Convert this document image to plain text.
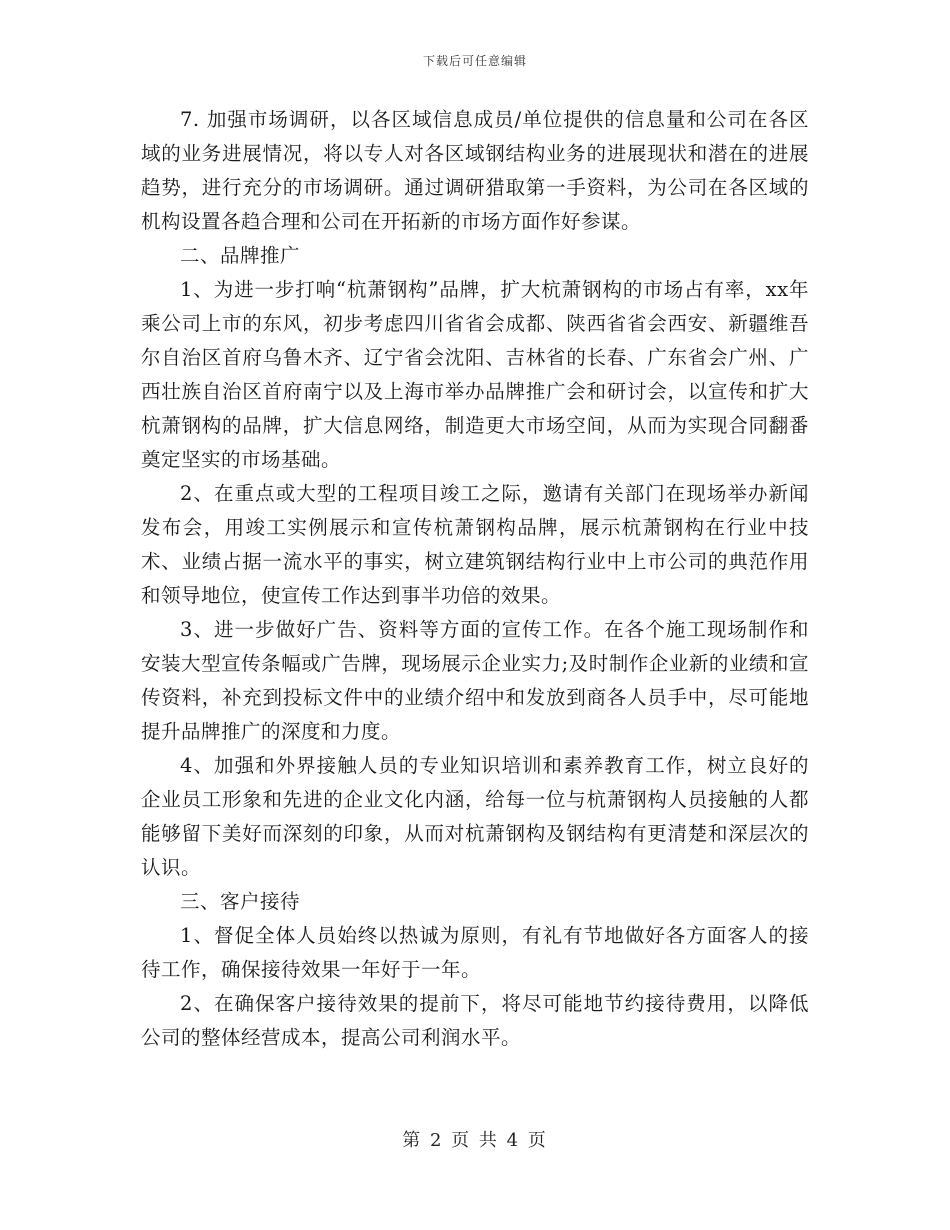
下载后可任意编辑

7. 加强市场调研，以各区域信息成员/单位提供的信息量和公司在各区域的业务进展情况，将以专人对各区域钢结构业务的进展现状和潜在的进展趋势，进行充分的市场调研。通过调研猎取第一手资料，为公司在各区域的机构设置各趋合理和公司在开拓新的市场方面作好参谋。

二、品牌推广

1、为进一步打响“杭萧钢构”品牌，扩大杭萧钢构的市场占有率，xx年乘公司上市的东风，初步考虑四川省省会成都、陕西省省会西安、新疆维吾尔自治区首府乌鲁木齐、辽宁省会沈阳、吉林省的长春、广东省会广州、广西壮族自治区首府南宁以及上海市举办品牌推广会和研讨会，以宣传和扩大杭萧钢构的品牌，扩大信息网络，制造更大市场空间，从而为实现合同翻番奠定坚实的市场基础。

2、在重点或大型的工程项目竣工之际，邀请有关部门在现场举办新闻发布会，用竣工实例展示和宣传杭萧钢构品牌，展示杭萧钢构在行业中技术、业绩占据一流水平的事实，树立建筑钢结构行业中上市公司的典范作用和领导地位，使宣传工作达到事半功倍的效果。

3、进一步做好广告、资料等方面的宣传工作。在各个施工现场制作和安装大型宣传条幅或广告牌，现场展示企业实力;及时制作企业新的业绩和宣传资料，补充到投标文件中的业绩介绍中和发放到商各人员手中，尽可能地提升品牌推广的深度和力度。

4、加强和外界接触人员的专业知识培训和素养教育工作，树立良好的企业员工形象和先进的企业文化内涵，给每一位与杭萧钢构人员接触的人都能够留下美好而深刻的印象，从而对杭萧钢构及钢结构有更清楚和深层次的认识。

三、客户接待

1、督促全体人员始终以热诚为原则，有礼有节地做好各方面客人的接待工作，确保接待效果一年好于一年。

2、在确保客户接待效果的提前下，将尽可能地节约接待费用，以降低公司的整体经营成本，提高公司利润水平。

第 2 页 共 4 页
